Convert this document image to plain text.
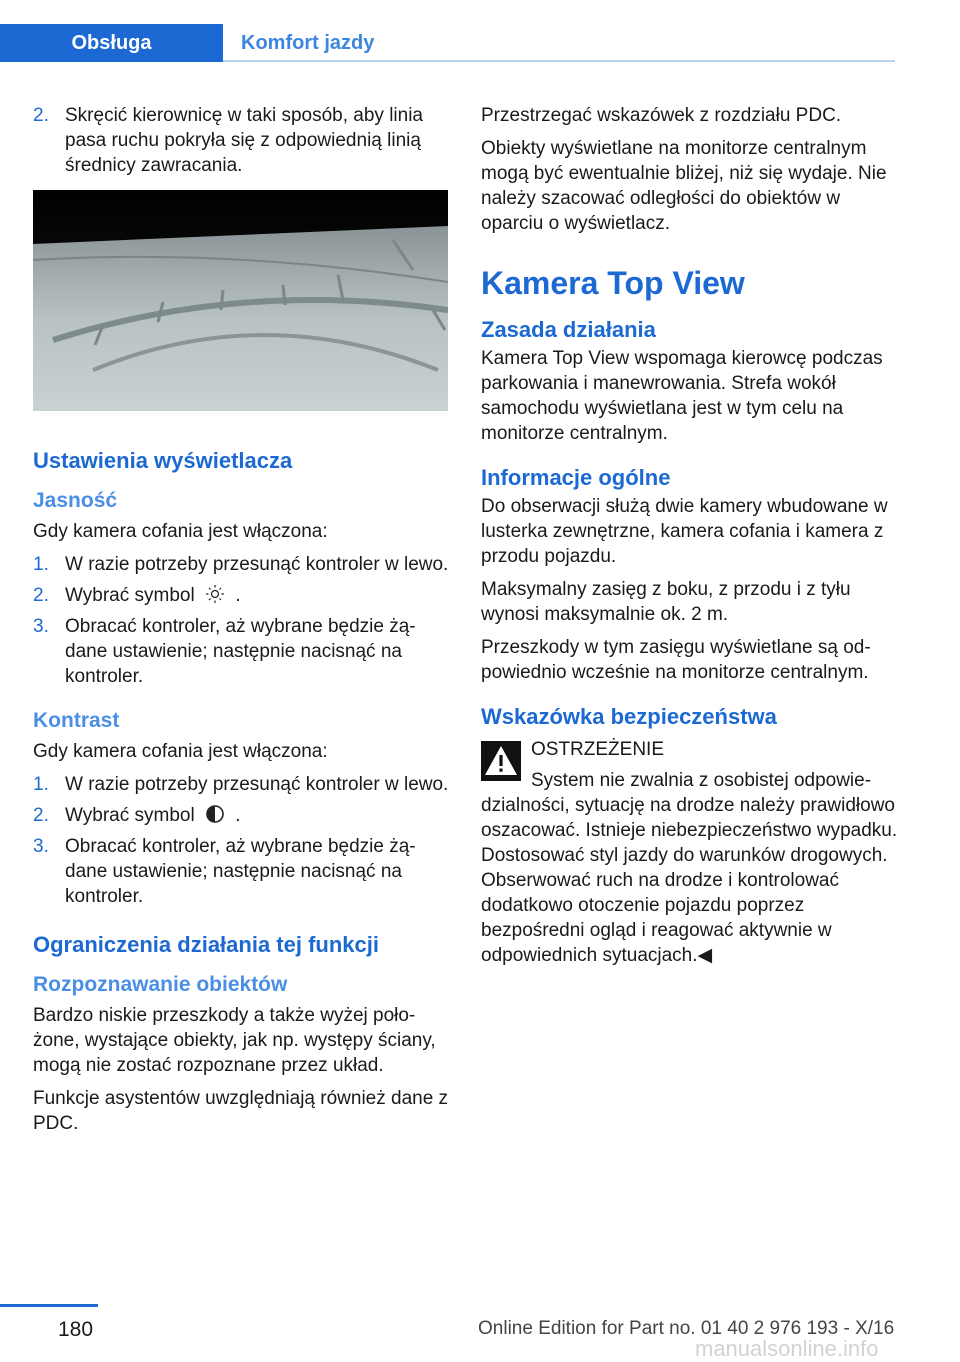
Obsługa	Komfort jazdy
2. Skręcić kierownicę w taki sposób, aby linia pasa ruchu pokryła się z odpowiednią linią średnicy zawracania.
Ustawienia wyświetlacza
Jasność

Gdy kamera cofania jest włączona:

1. W razie potrzeby przesunąć kontroler w lewo.
2. Wybrać symbol .
3. Obracać kontroler, aż wybrane będzie żądane ustawienie; następnie nacisnąć na kontroler.
Kontrast

Gdy kamera cofania jest włączona:

1. W razie potrzeby przesunąć kontroler w lewo.
2. Wybrać symbol .
3. Obracać kontroler, aż wybrane będzie żądane ustawienie; następnie nacisnąć na kontroler.
Ograniczenia działania tej funkcji
Rozpoznawanie obiektów

Bardzo niskie przeszkody a także wyżej położone, wystające obiekty, jak np. występy ściany, mogą nie zostać rozpoznane przez układ.

Funkcje asystentów uwzględniają również dane z PDC.

Przestrzegać wskazówek z rozdziału PDC.

Obiekty wyświetlane na monitorze centralnym mogą być ewentualnie bliżej, niż się wydaje. Nie należy szacować odległości do obiektów w oparciu o wyświetlacz.

Kamera Top View
Zasada działania

Kamera Top View wspomaga kierowcę podczas parkowania i manewrowania. Strefa wokół samochodu wyświetlana jest w tym celu na monitorze centralnym.

Informacje ogólne

Do obserwacji służą dwie kamery wbudowane w lusterka zewnętrzne, kamera cofania i kamera z przodu pojazdu.

Maksymalny zasięg z boku, z przodu i z tyłu wynosi maksymalnie ok. 2 m.

Przeszkody w tym zasięgu wyświetlane są odpowiednio wcześnie na monitorze centralnym.

Wskazówka bezpieczeństwa

OSTRZEŻENIE

System nie zwalnia z osobistej odpowiedzialności, sytuację na drodze należy prawidłowo oszacować. Istnieje niebezpieczeństwo wypadku. Dostosować styl jazdy do warunków drogowych. Obserwować ruch na drodze i kontrolować dodatkowo otoczenie pojazdu poprzez bezpośredni ogląd i reagować aktywnie w odpowiednich sytuacjach.◀

180	Online Edition for Part no. 01 40 2 976 193 - X/16
manualsonline.info
